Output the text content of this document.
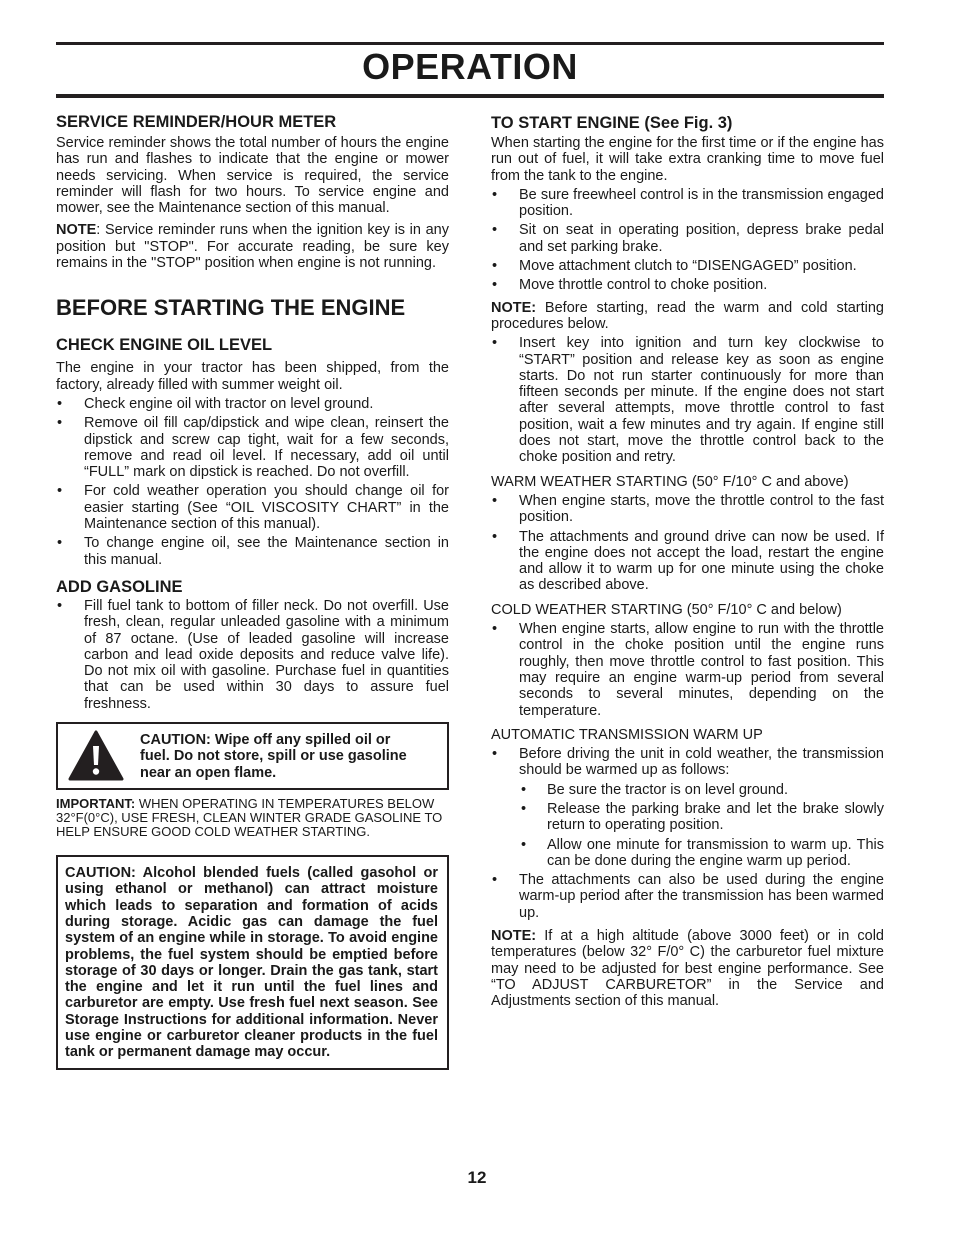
OPERATION
SERVICE REMINDER/HOUR METER

Service reminder shows the total number of hours the engine has run and flashes to indicate that the engine or mower needs servicing. When service is required, the service reminder will flash for two hours. To service engine and mower, see the Maintenance section of this manual.

NOTE: Service reminder runs when the ignition key is in any position but "STOP". For accurate reading, be sure key remains in the "STOP" position when engine is not running.

BEFORE STARTING THE ENGINE
CHECK ENGINE OIL LEVEL

The engine in your tractor has been shipped, from the factory, already filled with summer weight oil.

• Check engine oil with tractor on level ground.
• Remove oil fill cap/dipstick and wipe clean, reinsert the dipstick and screw cap tight, wait for a few seconds, remove and read oil level. If necessary, add oil until “FULL” mark on dipstick is reached. Do not overfill.
• For cold weather operation you should change oil for easier starting (See “OIL VISCOSITY CHART” in the Maintenance section of this manual).
• To change engine oil, see the Maintenance section in this manual.
ADD GASOLINE
• Fill fuel tank to bottom of filler neck. Do not overfill. Use fresh, clean, regular unleaded gasoline with a minimum of 87 octane. (Use of leaded gasoline will increase carbon and lead oxide deposits and reduce valve life). Do not mix oil with gasoline. Purchase fuel in quantities that can be used within 30 days to assure fuel freshness.

CAUTION: Wipe off any spilled oil or fuel. Do not store, spill or use gasoline near an open flame.

IMPORTANT: WHEN OPERATING IN TEMPERATURES BELOW 32°F(0°C), USE FRESH, CLEAN WINTER GRADE GASOLINE TO HELP ENSURE GOOD COLD WEATHER STARTING.

CAUTION: Alcohol blended fuels (called gasohol or using ethanol or methanol) can attract moisture which leads to separation and formation of acids during storage. Acidic gas can damage the fuel system of an engine while in storage. To avoid engine problems, the fuel system should be emptied before storage of 30 days or longer. Drain the gas tank, start the engine and let it run until the fuel lines and carburetor are empty. Use fresh fuel next season. See Storage Instructions for additional information. Never use engine or carburetor cleaner products in the fuel tank or permanent damage may occur.

TO START ENGINE (See Fig. 3)

When starting the engine for the first time or if the engine has run out of fuel, it will take extra cranking time to move fuel from the tank to the engine.

• Be sure freewheel control is in the transmission engaged position.
• Sit on seat in operating position, depress brake pedal and set parking brake.
• Move attachment clutch to “DISENGAGED” position.
• Move throttle control to choke position.

NOTE: Before starting, read the warm and cold starting procedures below.

• Insert key into ignition and turn key clockwise to “START” position and release key as soon as engine starts. Do not run starter continuously for more than fifteen seconds per minute. If the engine does not start after several attempts, move throttle control to fast position, wait a few minutes and try again. If engine still does not start, move the throttle control back to the choke position and retry.

WARM WEATHER STARTING (50° F/10° C and above)

• When engine starts, move the throttle control to the fast position.
• The attachments and ground drive can now be used. If the engine does not accept the load, restart the engine and allow it to warm up for one minute using the choke as described above.

COLD WEATHER STARTING (50° F/10° C and below)

• When engine starts, allow engine to run with the throttle control in the choke position until the engine runs roughly, then move throttle control to fast position. This may require an engine warm-up period from several seconds to several minutes, depending on the temperature.

AUTOMATIC TRANSMISSION WARM UP

• Before driving the unit in cold weather, the transmission should be warmed up as follows:
• Be sure the tractor is on level ground.
• Release the parking brake and let the brake slowly return to operating position.
• Allow one minute for transmission to warm up. This can be done during the engine warm up period.
• The attachments can also be used during the engine warm-up period after the transmission has been warmed up.

NOTE: If at a high altitude (above 3000 feet) or in cold temperatures (below 32° F/0° C) the carburetor fuel mixture may need to be adjusted for best engine performance. See “TO ADJUST CARBURETOR” in the Service and Adjustments section of this manual.

12
